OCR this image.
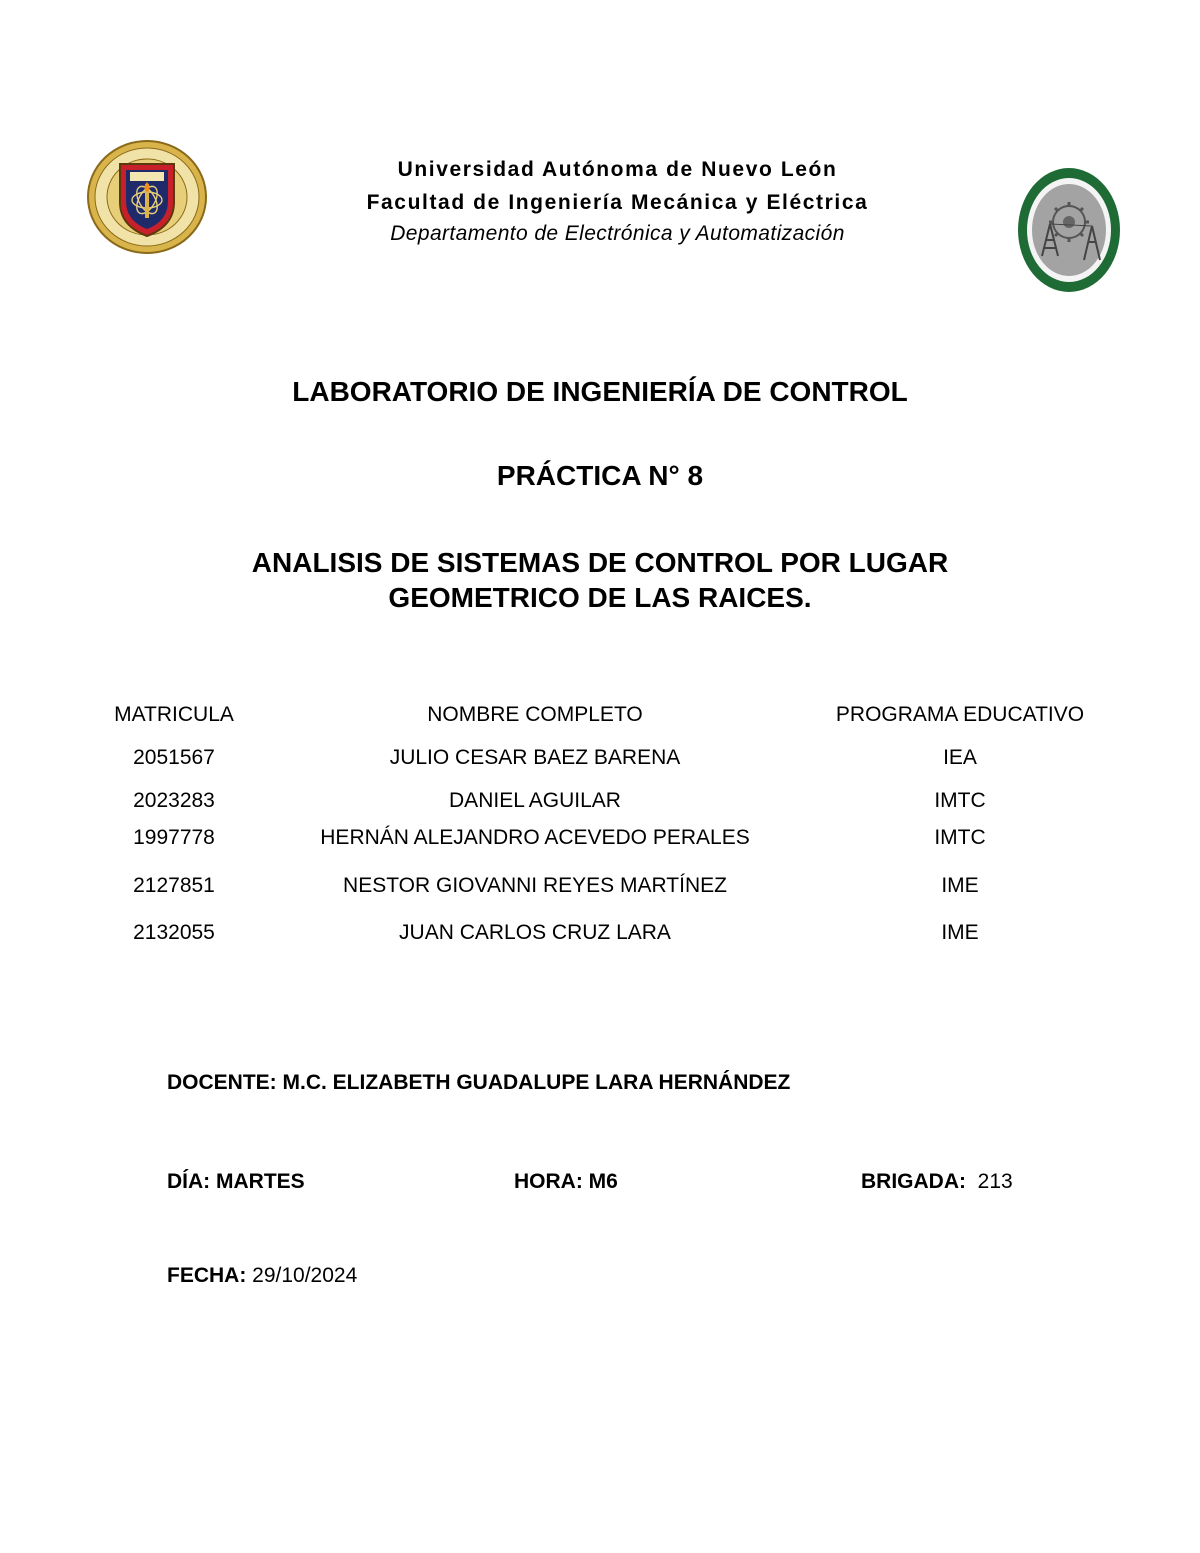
Universidad Autónoma de Nuevo León
Facultad de Ingeniería Mecánica y Eléctrica
Departamento de Electrónica y Automatización
LABORATORIO DE INGENIERÍA DE CONTROL
PRÁCTICA N° 8
ANALISIS DE SISTEMAS DE CONTROL POR LUGAR
GEOMETRICO DE LAS RAICES.
MATRICULA	NOMBRE COMPLETO	PROGRAMA EDUCATIVO
2051567	JULIO CESAR BAEZ BARENA	IEA
2023283	DANIEL AGUILAR	IMTC
1997778	HERNÁN ALEJANDRO ACEVEDO PERALES	IMTC
2127851	NESTOR GIOVANNI REYES MARTÍNEZ	IME
2132055	JUAN CARLOS CRUZ LARA	IME
DOCENTE: M.C. ELIZABETH GUADALUPE LARA HERNÁNDEZ
DÍA: MARTES	HORA: M6	BRIGADA:  213
FECHA: 29/10/2024
